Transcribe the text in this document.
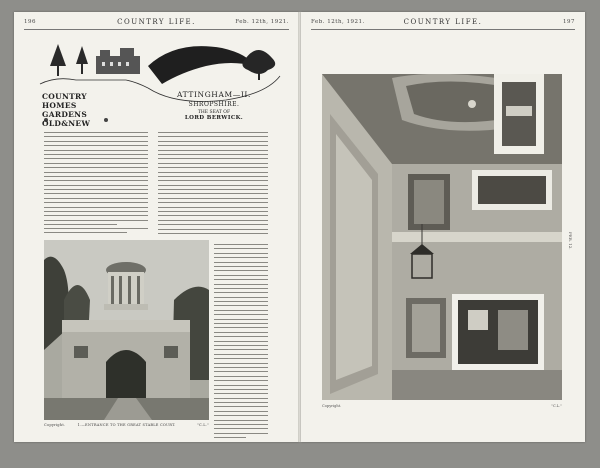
196	COUNTRY LIFE.	Feb. 12th, 1921.
COUNTRY
HOMES
GARDENS
OLD&NEW
ATTINGHAM—II.
SHROPSHIRE.
THE SEAT OF
LORD BERWICK.
Copyright.	1.—ENTRANCE TO THE GREAT STABLE COURT.	"C.L."
Feb. 12th, 1921.	COUNTRY LIFE.	197
Copyright.	"C.L."
FEB. 12.
